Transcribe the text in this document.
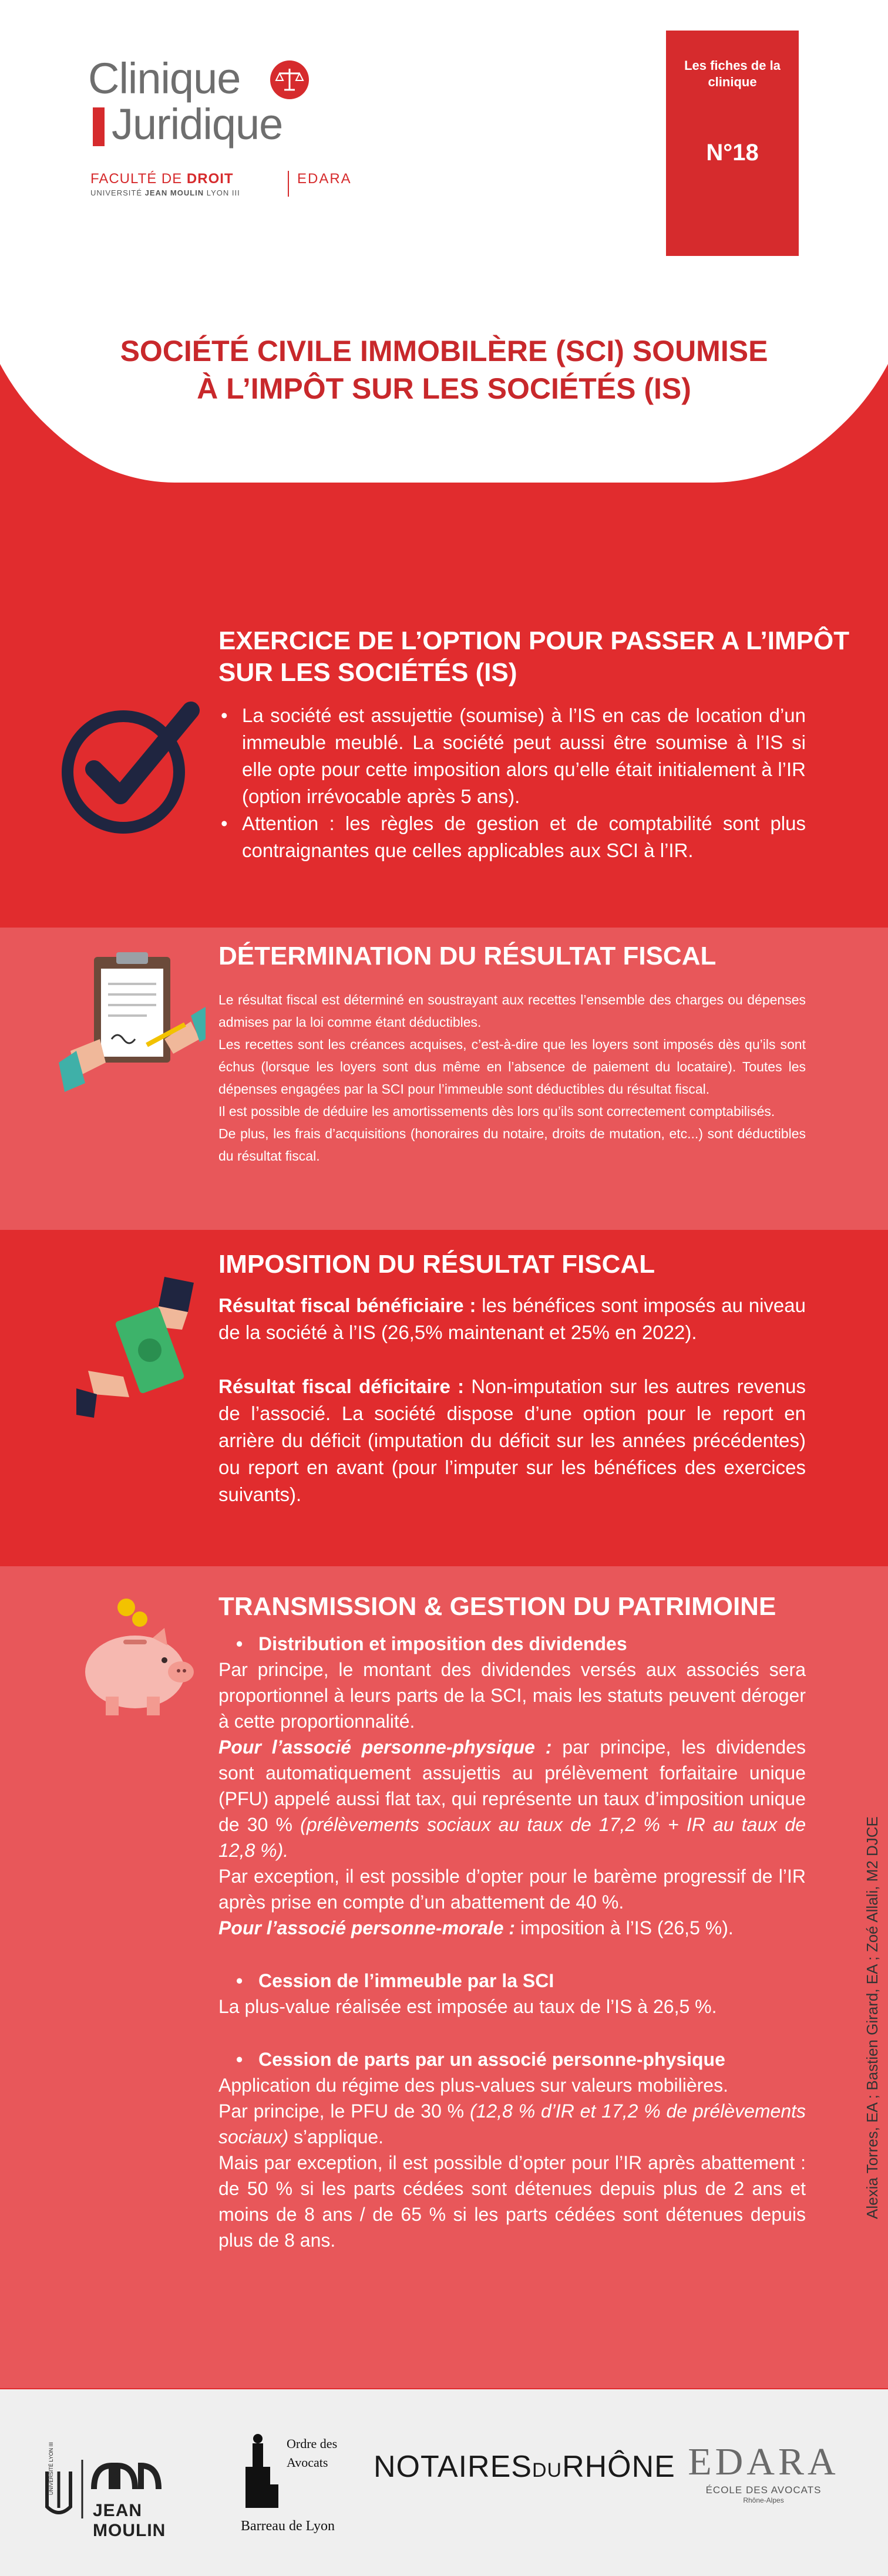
Clinique
Juridique
FACULTÉ DE DROIT	EDARA
UNIVERSITÉ JEAN MOULIN LYON III
Les fiches de la clinique
N°18
SOCIÉTÉ CIVILE IMMOBILÈRE (SCI) SOUMISE À L’IMPÔT SUR LES SOCIÉTÉS (IS)
EXERCICE DE L’OPTION POUR PASSER A L’IMPÔT SUR LES SOCIÉTÉS (IS)
• La société est assujettie (soumise) à l’IS en cas de location d’un immeuble meublé. La société peut aussi être soumise à l’IS si elle opte pour cette imposition alors qu’elle était initialement à l’IR (option irrévocable après 5 ans).
• Attention : les règles de gestion et de comptabilité sont plus contraignantes que celles applicables aux SCI à l’IR.
DÉTERMINATION DU RÉSULTAT FISCAL

Le résultat fiscal est déterminé en soustrayant aux recettes l’ensemble des charges ou dépenses admises par la loi comme étant déductibles.

Les recettes sont les créances acquises, c’est-à-dire que les loyers sont imposés dès qu’ils sont échus (lorsque les loyers sont dus même en l’absence de paiement du locataire). Toutes les dépenses engagées par la SCI pour l’immeuble sont déductibles du résultat fiscal.

Il est possible de déduire les amortissements dès lors qu’ils sont correctement comptabilisés.

De plus, les frais d’acquisitions (honoraires du notaire, droits de mutation, etc...) sont déductibles du résultat fiscal.

IMPOSITION DU RÉSULTAT FISCAL

Résultat fiscal bénéficiaire : les bénéfices sont imposés au niveau de la société à l’IS (26,5% maintenant et 25% en 2022).

Résultat fiscal déficitaire : Non-imputation sur les autres revenus de l’associé. La société dispose d’une option pour le report en arrière du déficit (imputation du déficit sur les années précédentes) ou report en avant (pour l’imputer sur les bénéfices des exercices suivants).

TRANSMISSION & GESTION DU PATRIMOINE

• Distribution et imposition des dividendes

Par principe, le montant des dividendes versés aux associés sera proportionnel à leurs parts de la SCI, mais les statuts peuvent déroger à cette proportionnalité.

Pour l’associé personne-physique : par principe, les dividendes sont automatiquement assujettis au prélèvement forfaitaire unique (PFU) appelé aussi flat tax, qui représente un taux d’imposition unique de 30 % (prélèvements sociaux au taux de 17,2 % + IR au taux de 12,8 %).

Par exception, il est possible d’opter pour le barème progressif de l’IR après prise en compte d’un abattement de 40 %.

Pour l’associé personne-morale : imposition à l’IS (26,5 %).

• Cession de l’immeuble par la SCI

La plus-value réalisée est imposée au taux de l’IS à 26,5 %.

• Cession de parts par un associé personne-physique

Application du régime des plus-values sur valeurs mobilières.

Par principe, le PFU de 30 % (12,8 % d’IR et 17,2 % de prélèvements sociaux) s’applique.

Mais par exception, il est possible d’opter pour l’IR après abattement : de 50 % si les parts cédées sont détenues depuis plus de 2 ans et moins de 8 ans / de 65 % si les parts cédées sont détenues depuis plus de 8 ans.

Alexia Torres, EA ; Bastien Girard, EA ; Zoé Allali, M2 DJCE
UNIVERSITÉ LYON III
JEAN MOULIN
Ordre des
Avocats
Barreau de Lyon
NOTAIRESDURHÔNE EDARA
ÉCOLE DES AVOCATS
Rhône-Alpes
